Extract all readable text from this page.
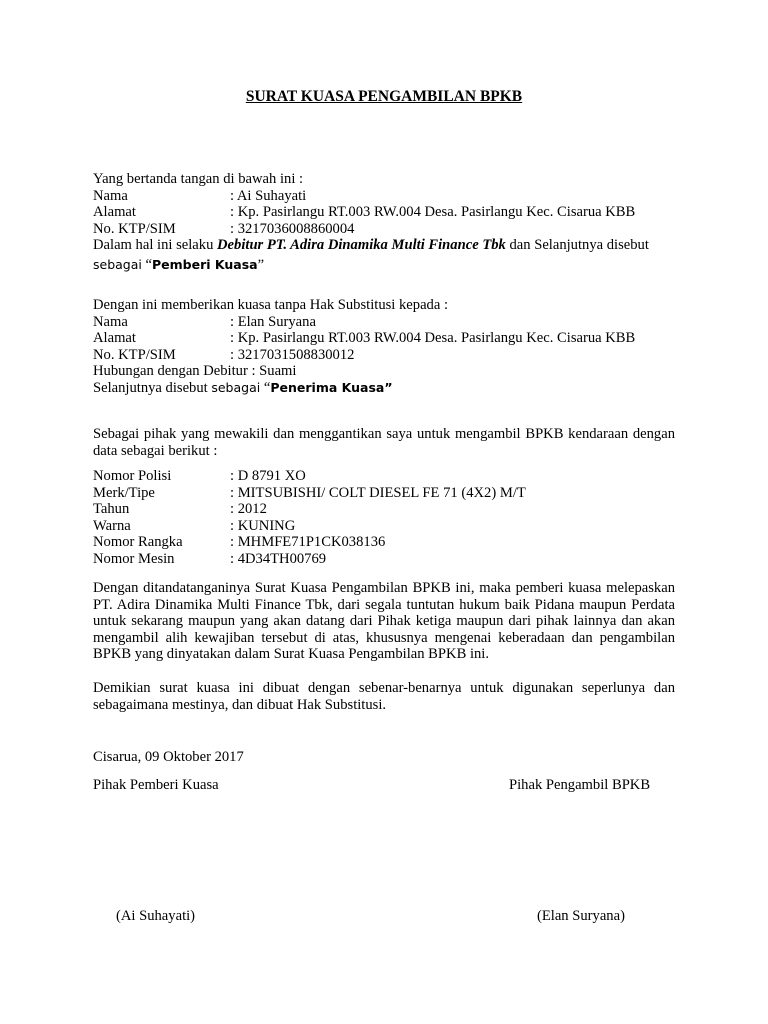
SURAT KUASA PENGAMBILAN BPKB
Yang bertanda tangan di bawah ini :
Nama	: Ai Suhayati
Alamat	: Kp. Pasirlangu RT.003 RW.004 Desa. Pasirlangu Kec. Cisarua KBB
No. KTP/SIM	: 3217036008860004
Dalam hal ini selaku Debitur PT. Adira Dinamika Multi Finance Tbk dan Selanjutnya disebut
sebagai “Pemberi Kuasa”
Dengan ini memberikan kuasa tanpa Hak Substitusi kepada :
Nama	: Elan Suryana
Alamat	: Kp. Pasirlangu RT.003 RW.004 Desa. Pasirlangu Kec. Cisarua KBB
No. KTP/SIM	: 3217031508830012
Hubungan dengan Debitur : Suami
Selanjutnya disebut sebagai “Penerima Kuasa”
Sebagai pihak yang mewakili dan menggantikan saya untuk mengambil BPKB kendaraan dengan data sebagai berikut :
Nomor Polisi	: D 8791 XO
Merk/Tipe	: MITSUBISHI/ COLT DIESEL FE 71 (4X2) M/T
Tahun	: 2012
Warna	: KUNING
Nomor Rangka	: MHMFE71P1CK038136
Nomor Mesin	: 4D34TH00769
Dengan ditandatanganinya Surat Kuasa Pengambilan BPKB ini, maka pemberi kuasa melepaskan PT. Adira Dinamika Multi Finance Tbk, dari segala tuntutan hukum baik Pidana maupun Perdata untuk sekarang maupun yang akan datang dari Pihak ketiga maupun dari pihak lainnya dan akan mengambil alih kewajiban tersebut di atas, khususnya mengenai keberadaan dan pengambilan BPKB yang dinyatakan dalam Surat Kuasa Pengambilan BPKB ini.
Demikian surat kuasa ini dibuat dengan sebenar-benarnya untuk digunakan seperlunya dan sebagaimana mestinya, dan dibuat Hak Substitusi.
Cisarua, 09 Oktober 2017
Pihak Pemberi Kuasa	Pihak Pengambil BPKB
(Ai Suhayati)	(Elan Suryana)
